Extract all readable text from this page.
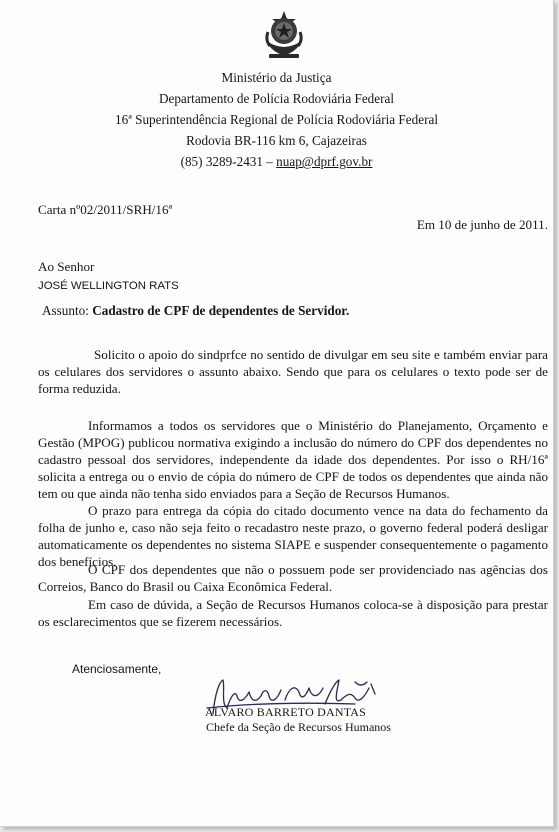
Ministério da Justiça
Departamento de Polícia Rodoviária Federal
16ª Superintendência Regional de Polícia Rodoviária Federal
Rodovia BR-116 km 6, Cajazeiras
(85) 3289-2431 – nuap@dprf.gov.br
Carta nº02/2011/SRH/16ª
Em 10 de junho de 2011.
Ao Senhor
JOSÉ WELLINGTON RATS
Assunto: Cadastro de CPF de dependentes de Servidor.
Solicito o apoio do sindprfce no sentido de divulgar em seu site e também enviar para os celulares dos servidores o assunto abaixo. Sendo que para os celulares o texto pode ser de forma reduzida.
Informamos a todos os servidores que o Ministério do Planejamento, Orçamento e Gestão (MPOG) publicou normativa exigindo a inclusão do número do CPF dos dependentes no cadastro pessoal dos servidores, independente da idade dos dependentes. Por isso o RH/16ª solicita a entrega ou o envio de cópia do número de CPF de todos os dependentes que ainda não tem ou que ainda não tenha sido enviados para a Seção de Recursos Humanos.
O prazo para entrega da cópia do citado documento vence na data do fechamento da folha de junho e, caso não seja feito o recadastro neste prazo, o governo federal poderá desligar automaticamente os dependentes no sistema SIAPE e suspender consequentemente o pagamento dos benefícios.
O CPF dos dependentes que não o possuem pode ser providenciado nas agências dos Correios, Banco do Brasil ou Caixa Econômica Federal.
Em caso de dúvida, a Seção de Recursos Humanos coloca-se à disposição para prestar os esclarecimentos que se fizerem necessários.
Atenciosamente,
ALVARO BARRETO DANTAS
Chefe da Seção de Recursos Humanos
